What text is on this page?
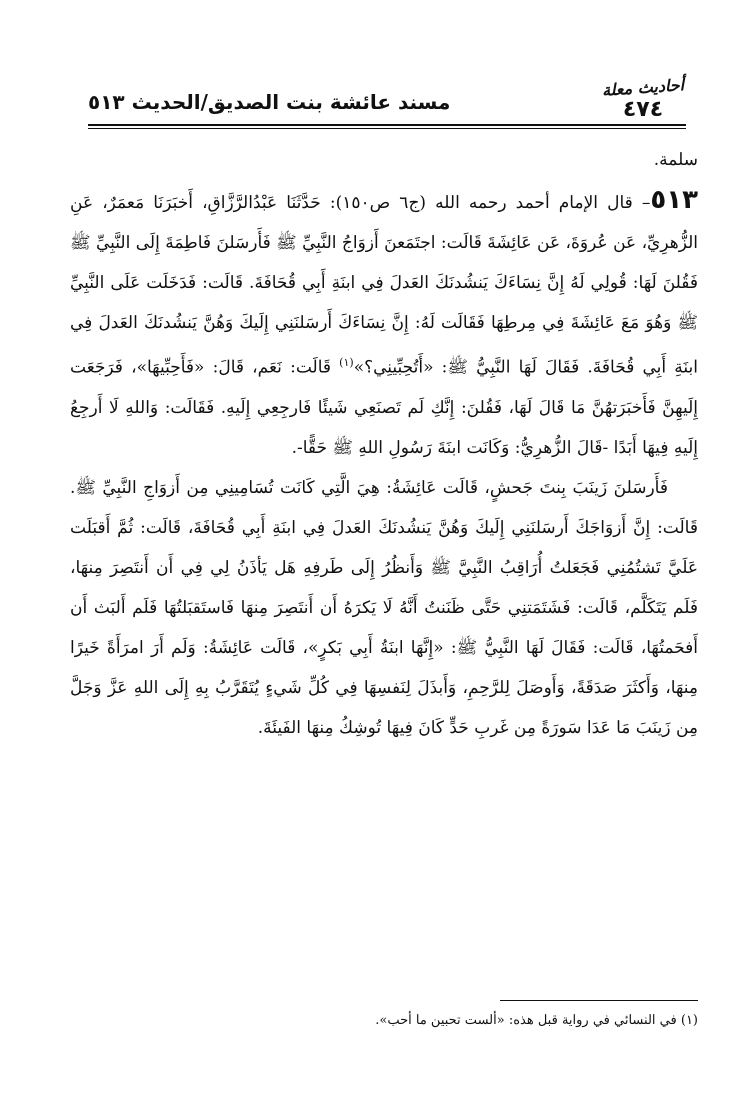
أحاديث معلة
٤٧٤
مسند عائشة بنت الصديق/الحديث ٥١٣

سلمة.

٥١٣– قال الإمام أحمد رحمه الله (ج٦ ص١٥٠): حَدَّثَنَا عَبْدُالرَّزَّاقِ، أَخبَرَنَا مَعمَرٌ، عَنِ الزُّهرِيِّ، عَن عُروَةَ، عَن عَائِشَةَ قَالَت: اجتَمَعنَ أَزوَاجُ النَّبِيِّ ﷺ فَأَرسَلنَ فَاطِمَةَ إِلَى النَّبِيِّ ﷺ فَقُلنَ لَهَا: قُولِي لَهُ إِنَّ نِسَاءَكَ يَنشُدنَكَ العَدلَ فِي ابنَةِ أَبِي قُحَافَةَ. قَالَت: فَدَخَلَت عَلَى النَّبِيِّ ﷺ وَهُوَ مَعَ عَائِشَةَ فِي مِرطِهَا فَقَالَت لَهُ: إِنَّ نِسَاءَكَ أَرسَلنَنِي إِلَيكَ وَهُنَّ يَنشُدنَكَ العَدلَ فِي ابنَةِ أَبِي قُحَافَةَ. فَقَالَ لَهَا النَّبِيُّ ﷺ: «أَتُحِبِّينِي؟»$^{(١)}$ قَالَت: نَعَم، قَالَ: «فَأَحِبِّيهَا»، فَرَجَعَت إِلَيهِنَّ فَأَخبَرَتهُنَّ مَا قَالَ لَهَا، فَقُلنَ: إِنَّكِ لَم تَصنَعِي شَيئًا فَارجِعِي إِلَيهِ. فَقَالَت: وَاللهِ لَا أَرجِعُ إِلَيهِ فِيهَا أَبَدًا -قَالَ الزُّهرِيُّ: وَكَانَت ابنَةَ رَسُولِ اللهِ ﷺ حَقًّا-.

فَأَرسَلنَ زَينَبَ بِنتَ جَحشٍ، قَالَت عَائِشَةُ: هِيَ الَّتِي كَانَت تُسَامِينِي مِن أَزوَاجِ النَّبِيِّ ﷺ. قَالَت: إِنَّ أَزوَاجَكَ أَرسَلنَنِي إِلَيكَ وَهُنَّ يَنشُدنَكَ العَدلَ فِي ابنَةِ أَبِي قُحَافَةَ، قَالَت: ثُمَّ أَقبَلَت عَلَيَّ تَشتُمُنِي فَجَعَلتُ أُرَاقِبُ النَّبِيَّ ﷺ وَأَنظُرُ إِلَى طَرفِهِ هَل يَأذَنُ لِي فِي أَن أَنتَصِرَ مِنهَا، فَلَم يَتَكَلَّم، قَالَت: فَشَتَمَتنِي حَتَّى ظَنَنتُ أَنَّهُ لَا يَكرَهُ أَن أَنتَصِرَ مِنهَا فَاستَقبَلتُهَا فَلَم أَلبَث أَن أَفحَمتُهَا، قَالَت: فَقَالَ لَهَا النَّبِيُّ ﷺ: «إِنَّهَا ابنَةُ أَبِي بَكرٍ»، قَالَت عَائِشَةُ: وَلَم أَرَ امرَأَةً خَيرًا مِنهَا، وَأَكثَرَ صَدَقَةً، وَأَوصَلَ لِلرَّحِمِ، وَأَبذَلَ لِنَفسِهَا فِي كُلِّ شَيءٍ يُتَقَرَّبُ بِهِ إِلَى اللهِ عَزَّ وَجَلَّ مِن زَينَبَ مَا عَدَا سَورَةً مِن غَربِ حَدٍّ كَانَ فِيهَا تُوشِكُ مِنهَا الفَيئَةَ.

(١) في النسائي في رواية قبل هذه: «ألست تحبين ما أحب».
